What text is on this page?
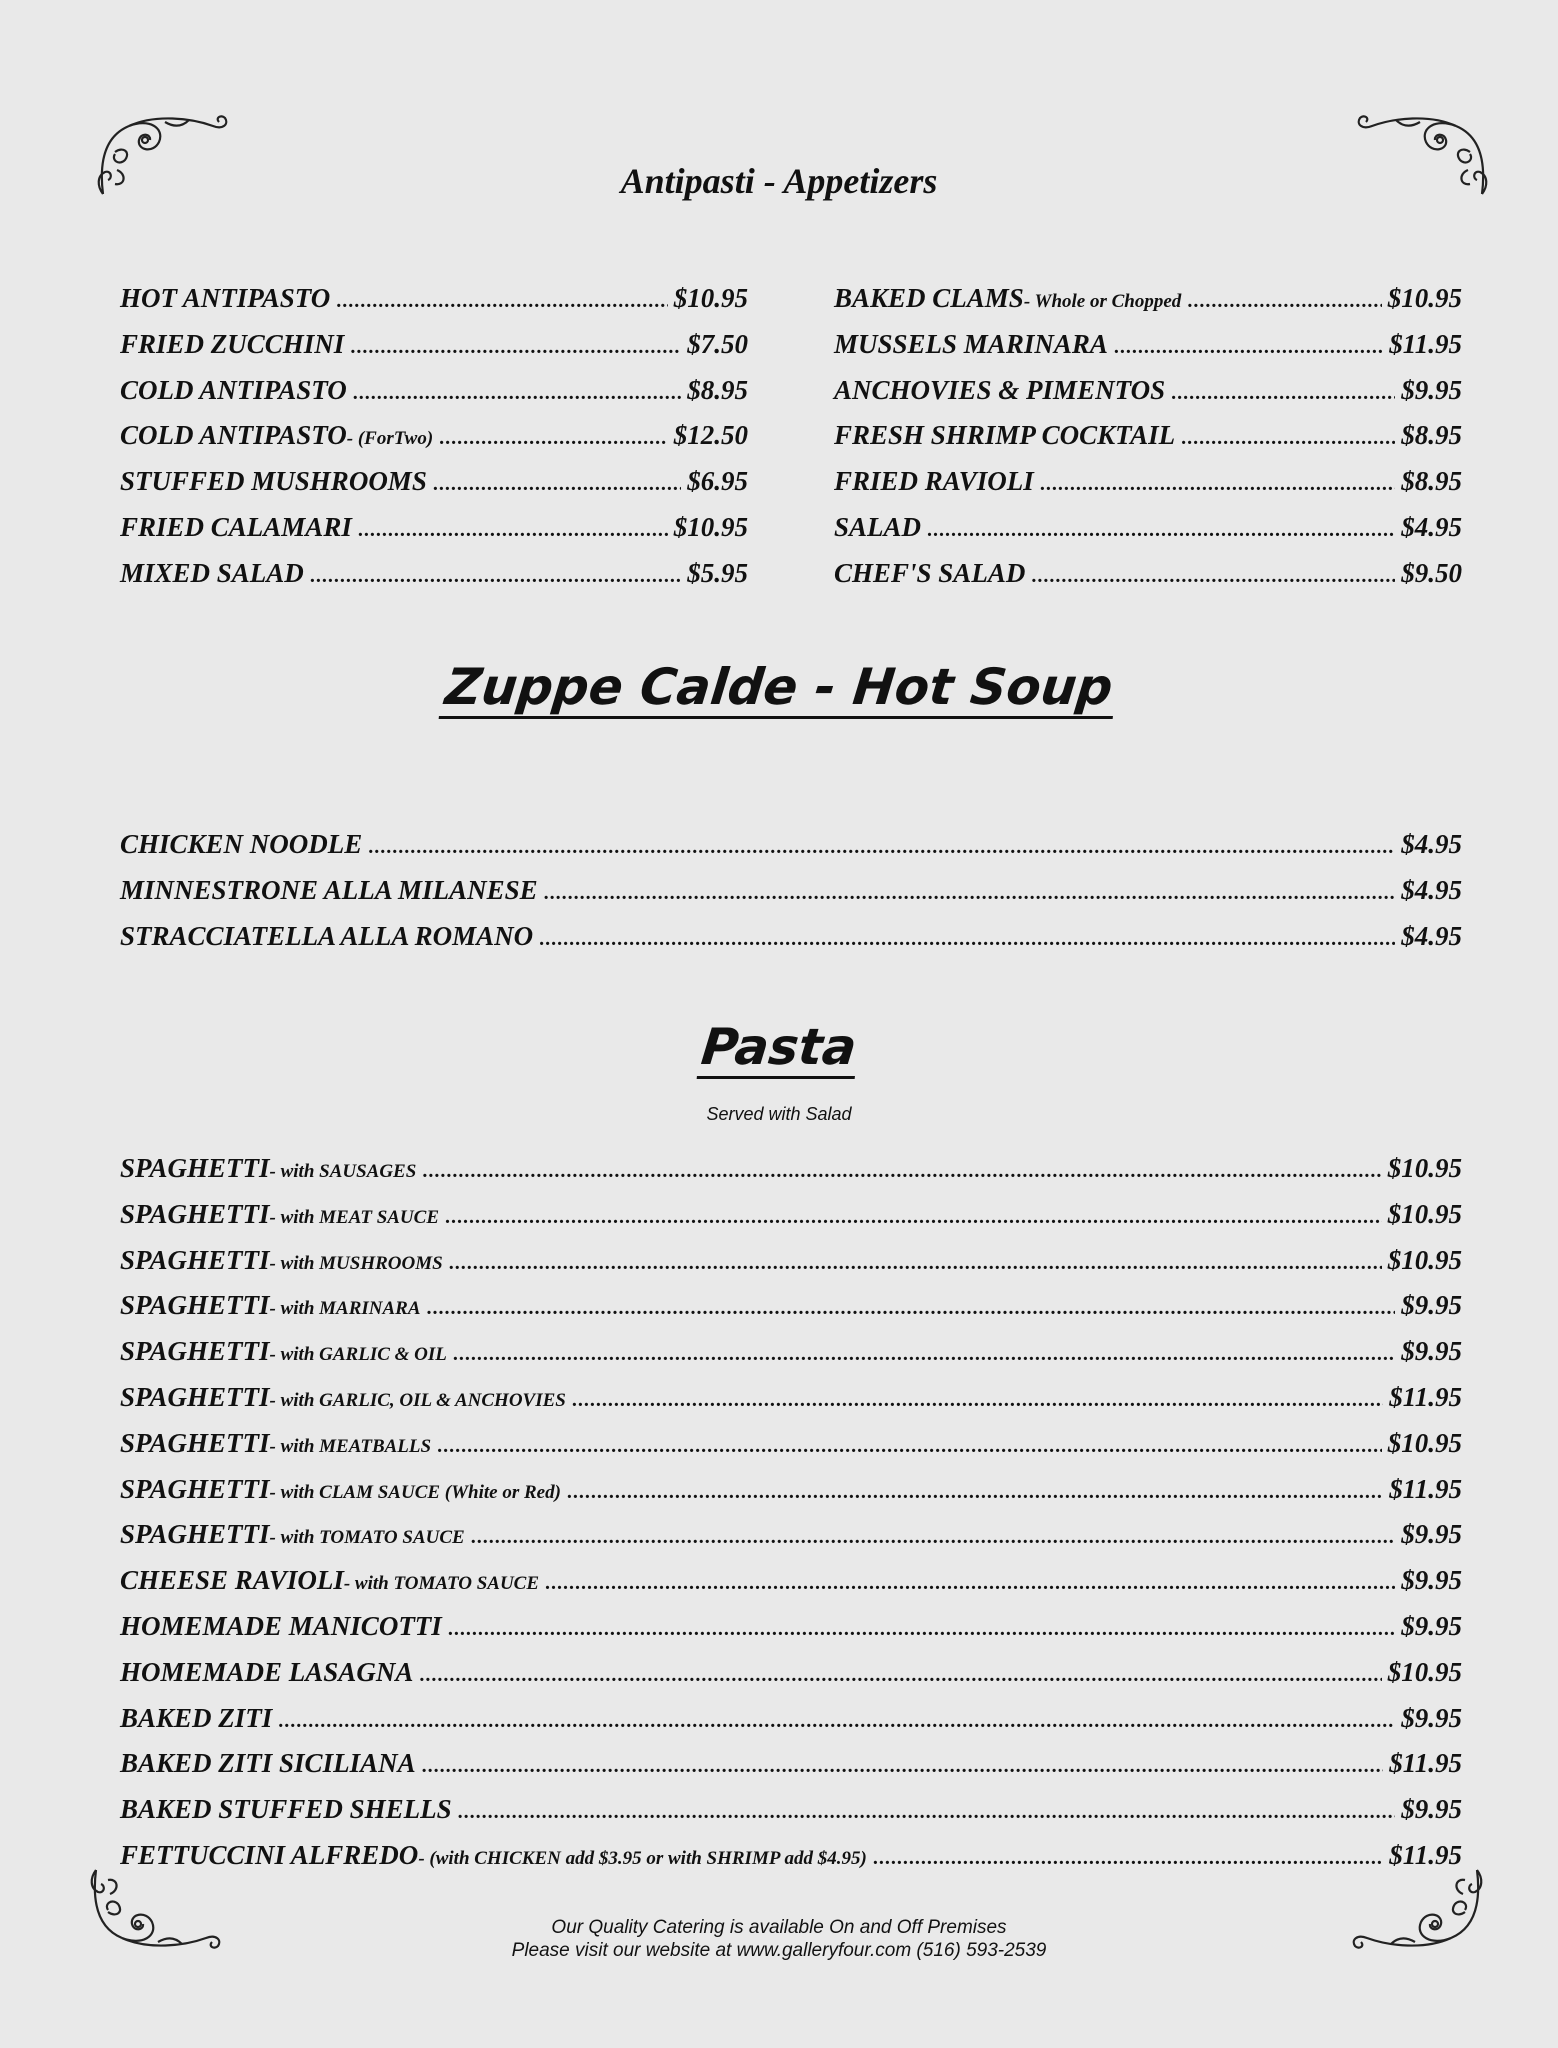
Antipasti - Appetizers
HOT ANTIPASTO .....	$10.95
FRIED ZUCCHINI .....	$7.50
COLD ANTIPASTO .....	$8.95
COLD ANTIPASTO - (ForTwo) .....	$12.50
STUFFED MUSHROOMS .....	$6.95
FRIED CALAMARI .....	$10.95
MIXED SALAD .....	$5.95
BAKED CLAMS - Whole or Chopped .....	$10.95
MUSSELS MARINARA .....	$11.95
ANCHOVIES & PIMENTOS .....	$9.95
FRESH SHRIMP COCKTAIL .....	$8.95
FRIED RAVIOLI .....	$8.95
SALAD .....	$4.95
CHEF'S SALAD .....	$9.50
Zuppe Calde - Hot Soup
CHICKEN NOODLE .....	$4.95
MINNESTRONE ALLA MILANESE .....	$4.95
STRACCIATELLA ALLA ROMANO .....	$4.95
Pasta
Served with Salad
SPAGHETTI - with SAUSAGES .....	$10.95
SPAGHETTI - with MEAT SAUCE .....	$10.95
SPAGHETTI - with MUSHROOMS .....	$10.95
SPAGHETTI - with MARINARA .....	$9.95
SPAGHETTI - with GARLIC & OIL .....	$9.95
SPAGHETTI - with GARLIC, OIL & ANCHOVIES .....	$11.95
SPAGHETTI - with MEATBALLS .....	$10.95
SPAGHETTI - with CLAM SAUCE (White or Red) .....	$11.95
SPAGHETTI - with TOMATO SAUCE .....	$9.95
CHEESE RAVIOLI - with TOMATO SAUCE .....	$9.95
HOMEMADE MANICOTTI .....	$9.95
HOMEMADE LASAGNA .....	$10.95
BAKED ZITI .....	$9.95
BAKED ZITI SICILIANA .....	$11.95
BAKED STUFFED SHELLS .....	$9.95
FETTUCCINI ALFREDO - (with CHICKEN add $3.95 or with SHRIMP add $4.95) .....	$11.95
Our Quality Catering is available On and Off Premises
Please visit our website at www.galleryfour.com (516) 593-2539
